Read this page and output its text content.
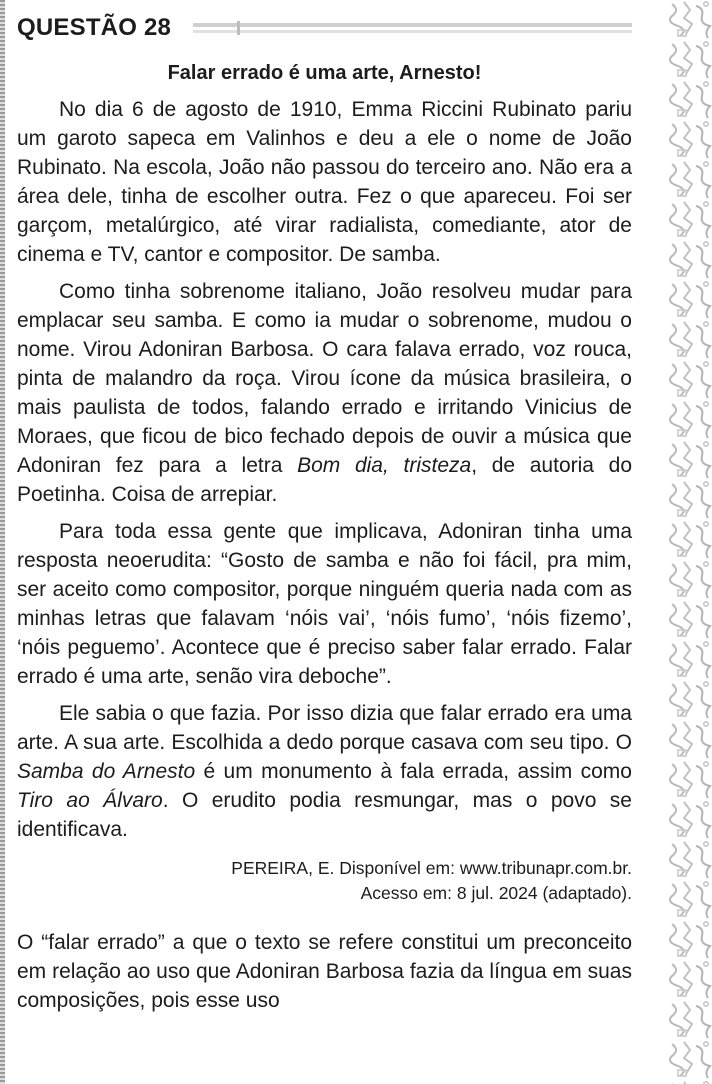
QUESTÃO 28
Falar errado é uma arte, Arnesto!

No dia 6 de agosto de 1910, Emma Riccini Rubinato pariu um garoto sapeca em Valinhos e deu a ele o nome de João Rubinato. Na escola, João não passou do terceiro ano. Não era a área dele, tinha de escolher outra. Fez o que apareceu. Foi ser garçom, metalúrgico, até virar radialista, comediante, ator de cinema e TV, cantor e compositor. De samba.

Como tinha sobrenome italiano, João resolveu mudar para emplacar seu samba. E como ia mudar o sobrenome, mudou o nome. Virou Adoniran Barbosa. O cara falava errado, voz rouca, pinta de malandro da roça. Virou ícone da música brasileira, o mais paulista de todos, falando errado e irritando Vinicius de Moraes, que ficou de bico fechado depois de ouvir a música que Adoniran fez para a letra Bom dia, tristeza, de autoria do Poetinha. Coisa de arrepiar.

Para toda essa gente que implicava, Adoniran tinha uma resposta neoerudita: “Gosto de samba e não foi fácil, pra mim, ser aceito como compositor, porque ninguém queria nada com as minhas letras que falavam ‘nóis vai’, ‘nóis fumo’, ‘nóis fizemo’, ‘nóis peguemo’. Acontece que é preciso saber falar errado. Falar errado é uma arte, senão vira deboche”.

Ele sabia o que fazia. Por isso dizia que falar errado era uma arte. A sua arte. Escolhida a dedo porque casava com seu tipo. O Samba do Arnesto é um monumento à fala errada, assim como Tiro ao Álvaro. O erudito podia resmungar, mas o povo se identificava.

PEREIRA, E. Disponível em: www.tribunapr.com.br.
Acesso em: 8 jul. 2024 (adaptado).

O “falar errado” a que o texto se refere constitui um preconceito em relação ao uso que Adoniran Barbosa fazia da língua em suas composições, pois esse uso
